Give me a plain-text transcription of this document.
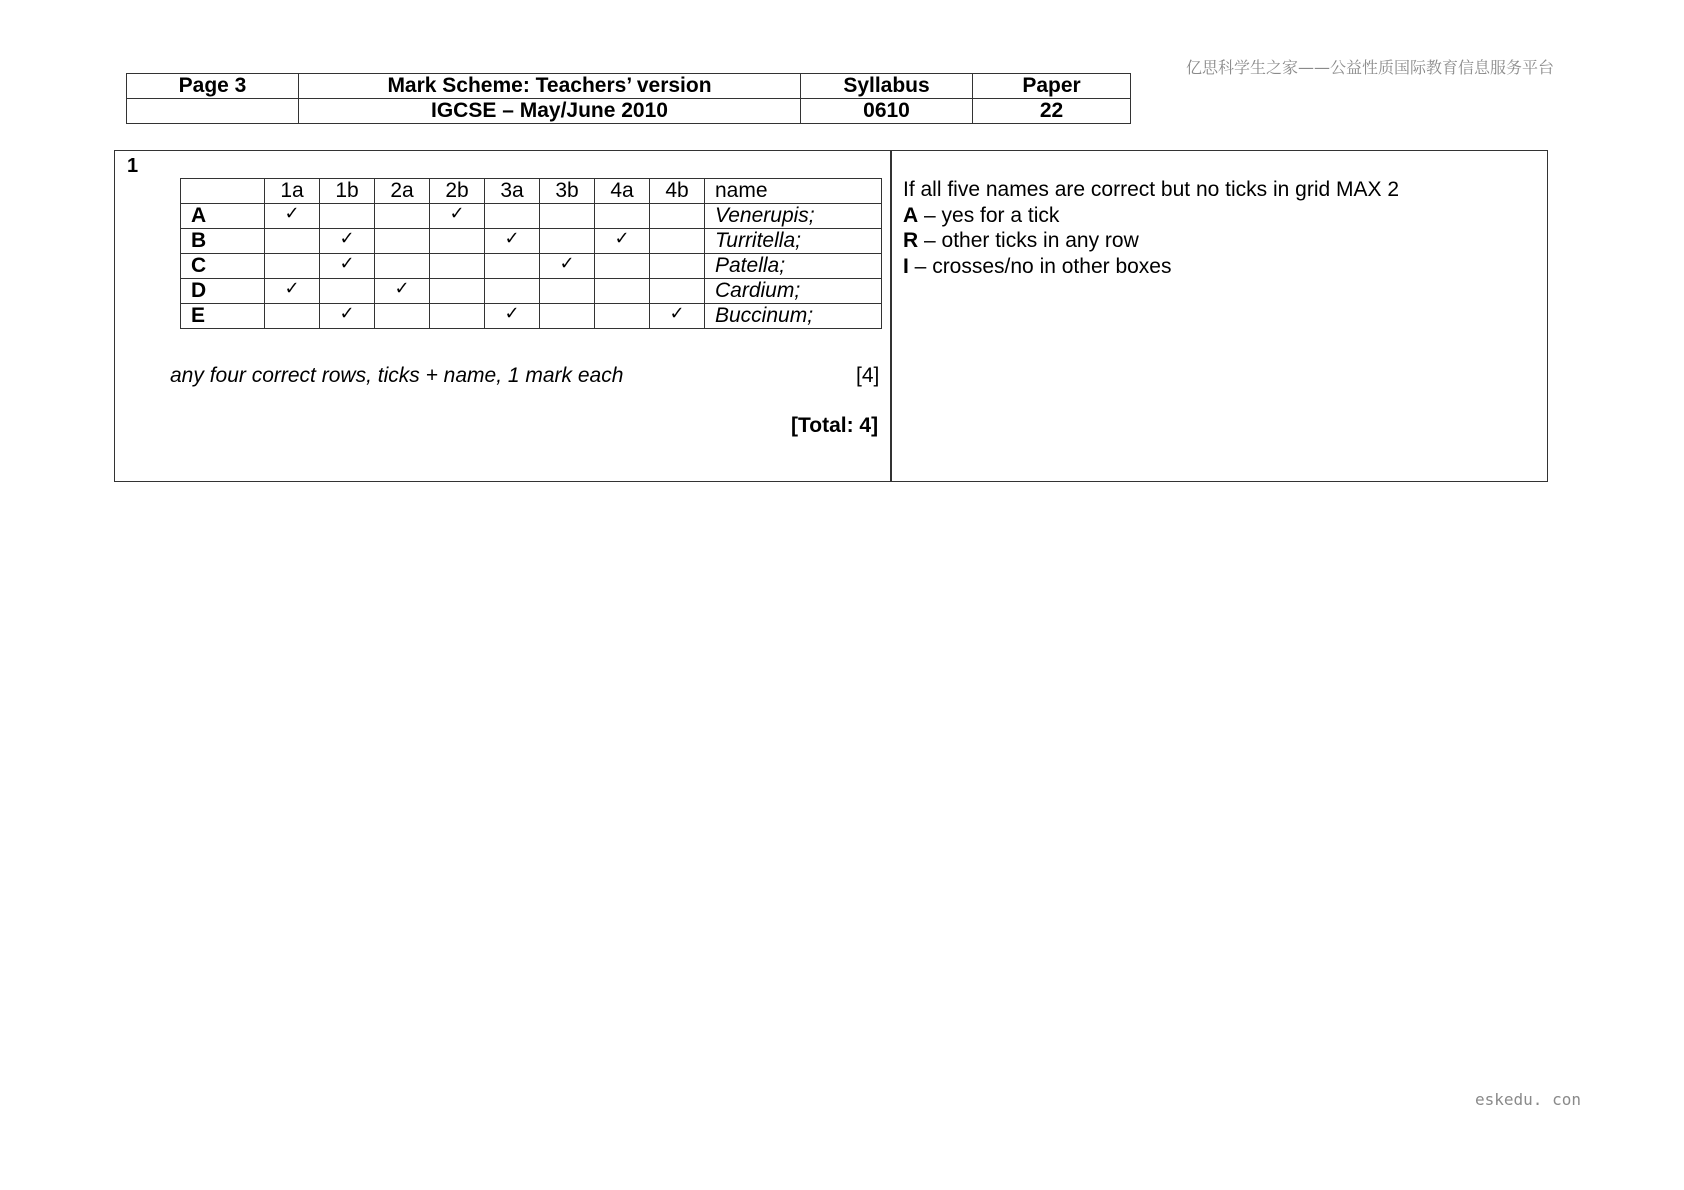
亿思科学生之家——公益性质国际教育信息服务平台
Page 3	Mark Scheme: Teachers’ version	Syllabus	Paper
	IGCSE – May/June 2010	0610	22
1
	1a	1b	2a	2b	3a	3b	4a	4b	name
A	✓			✓					Venerupis;
B		✓			✓		✓		Turritella;
C		✓				✓			Patella;
D	✓		✓						Cardium;
E		✓			✓			✓	Buccinum;
any four correct rows, ticks + name, 1 mark each	[4]
[Total: 4]
If all five names are correct but no ticks in grid MAX 2
A – yes for a tick
R – other ticks in any row
I – crosses/no in other boxes
eskedu. con
